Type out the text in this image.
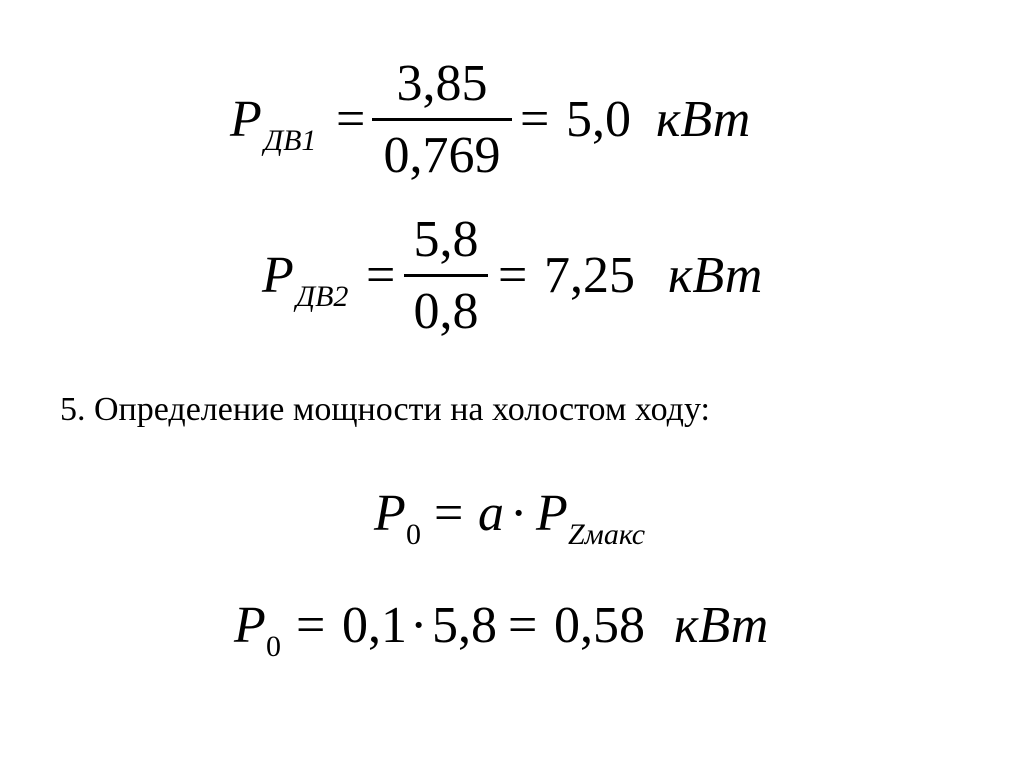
P ДВ1 =
3,85
0,769
= 5,0 кВт
P ДВ2 =
5,8
0,8
= 7,25 кВт
5. Определение мощности на холостом ходу:
P 0 = a · P Zмакс
P 0 = 0,1 · 5,8 = 0,58 кВт
